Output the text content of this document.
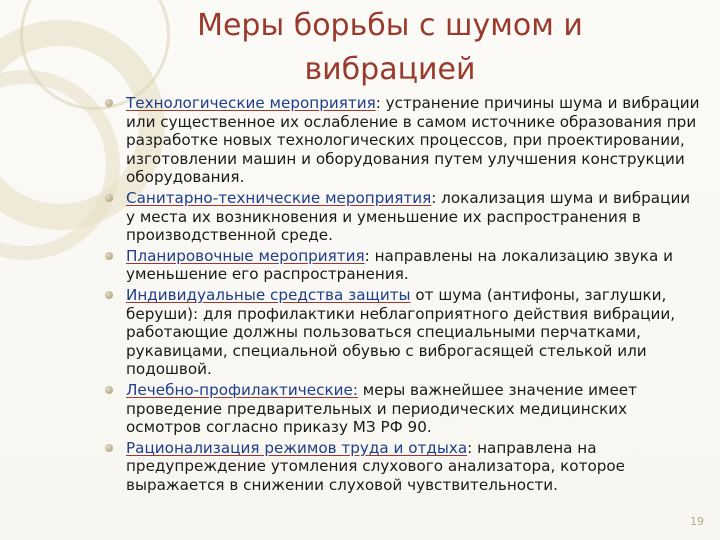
Меры борьбы с шумом и
вибрацией
Технологические мероприятия: устранение причины шума и вибрации или существенное их ослабление в самом источнике образования при разработке новых технологических процессов, при проектировании, изготовлении машин и оборудования путем улучшения конструкции оборудования.
Санитарно-технические мероприятия: локализация шума и вибрации у места их возникновения и уменьшение их распространения в производственной среде.
Планировочные мероприятия: направлены на локализацию звука и уменьшение его распространения.
Индивидуальные средства защиты от шума (антифоны, заглушки, беруши): для профилактики неблагоприятного действия вибрации, работающие должны пользоваться специальными перчатками, рукавицами, специальной обувью с виброгасящей стелькой или подошвой.
Лечебно-профилактические: меры важнейшее значение имеет проведение предварительных и периодических медицинских осмотров согласно приказу МЗ РФ 90.
Рационализация режимов труда и отдыха: направлена на предупреждение утомления слухового анализатора, которое выражается в снижении слуховой чувствительности.
19
